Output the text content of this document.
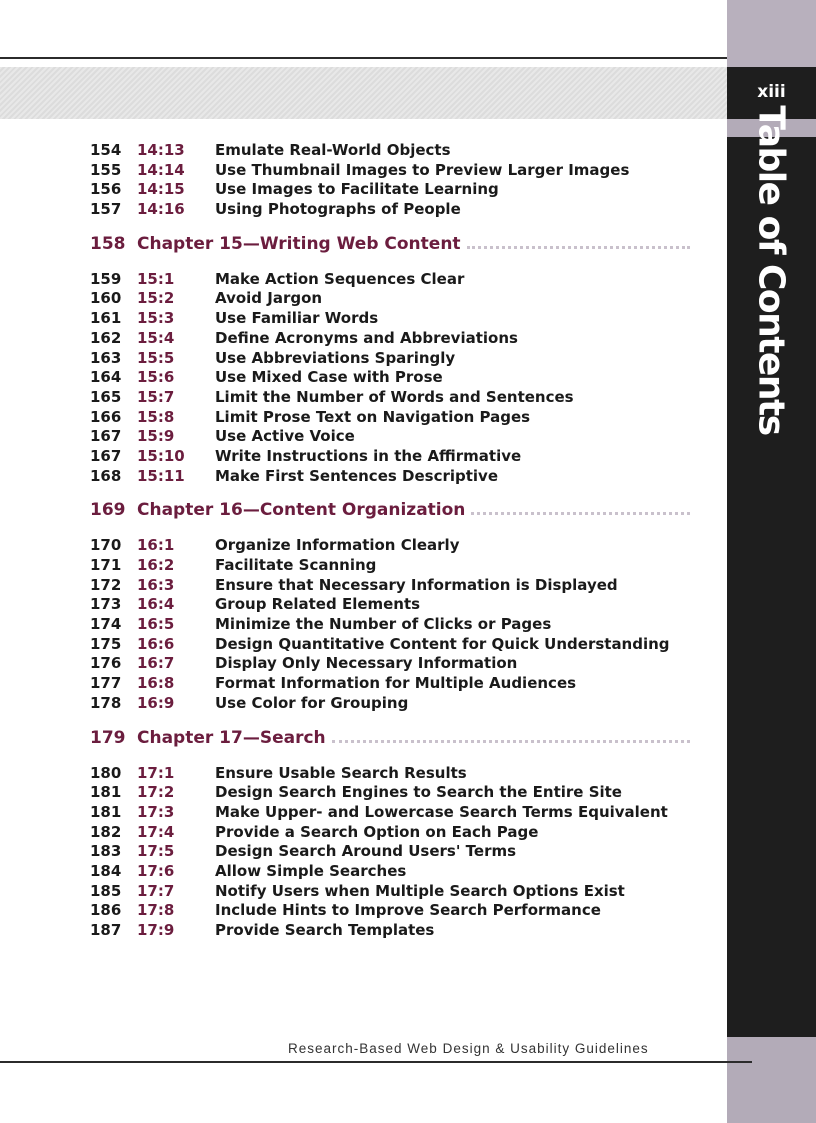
xiii
Table of Contents
154	14:13	Emulate Real-World Objects
155	14:14	Use Thumbnail Images to Preview Larger Images
156	14:15	Use Images to Facilitate Learning
157	14:16	Using Photographs of People
158 Chapter 15—Writing Web Content
159	15:1	Make Action Sequences Clear
160	15:2	Avoid Jargon
161	15:3	Use Familiar Words
162	15:4	Define Acronyms and Abbreviations
163	15:5	Use Abbreviations Sparingly
164	15:6	Use Mixed Case with Prose
165	15:7	Limit the Number of Words and Sentences
166	15:8	Limit Prose Text on Navigation Pages
167	15:9	Use Active Voice
167	15:10	Write Instructions in the Affirmative
168	15:11	Make First Sentences Descriptive
169 Chapter 16—Content Organization
170	16:1	Organize Information Clearly
171	16:2	Facilitate Scanning
172	16:3	Ensure that Necessary Information is Displayed
173	16:4	Group Related Elements
174	16:5	Minimize the Number of Clicks or Pages
175	16:6	Design Quantitative Content for Quick Understanding
176	16:7	Display Only Necessary Information
177	16:8	Format Information for Multiple Audiences
178	16:9	Use Color for Grouping
179 Chapter 17—Search
180	17:1	Ensure Usable Search Results
181	17:2	Design Search Engines to Search the Entire Site
181	17:3	Make Upper- and Lowercase Search Terms Equivalent
182	17:4	Provide a Search Option on Each Page
183	17:5	Design Search Around Users' Terms
184	17:6	Allow Simple Searches
185	17:7	Notify Users when Multiple Search Options Exist
186	17:8	Include Hints to Improve Search Performance
187	17:9	Provide Search Templates
Research-Based Web Design & Usability Guidelines
